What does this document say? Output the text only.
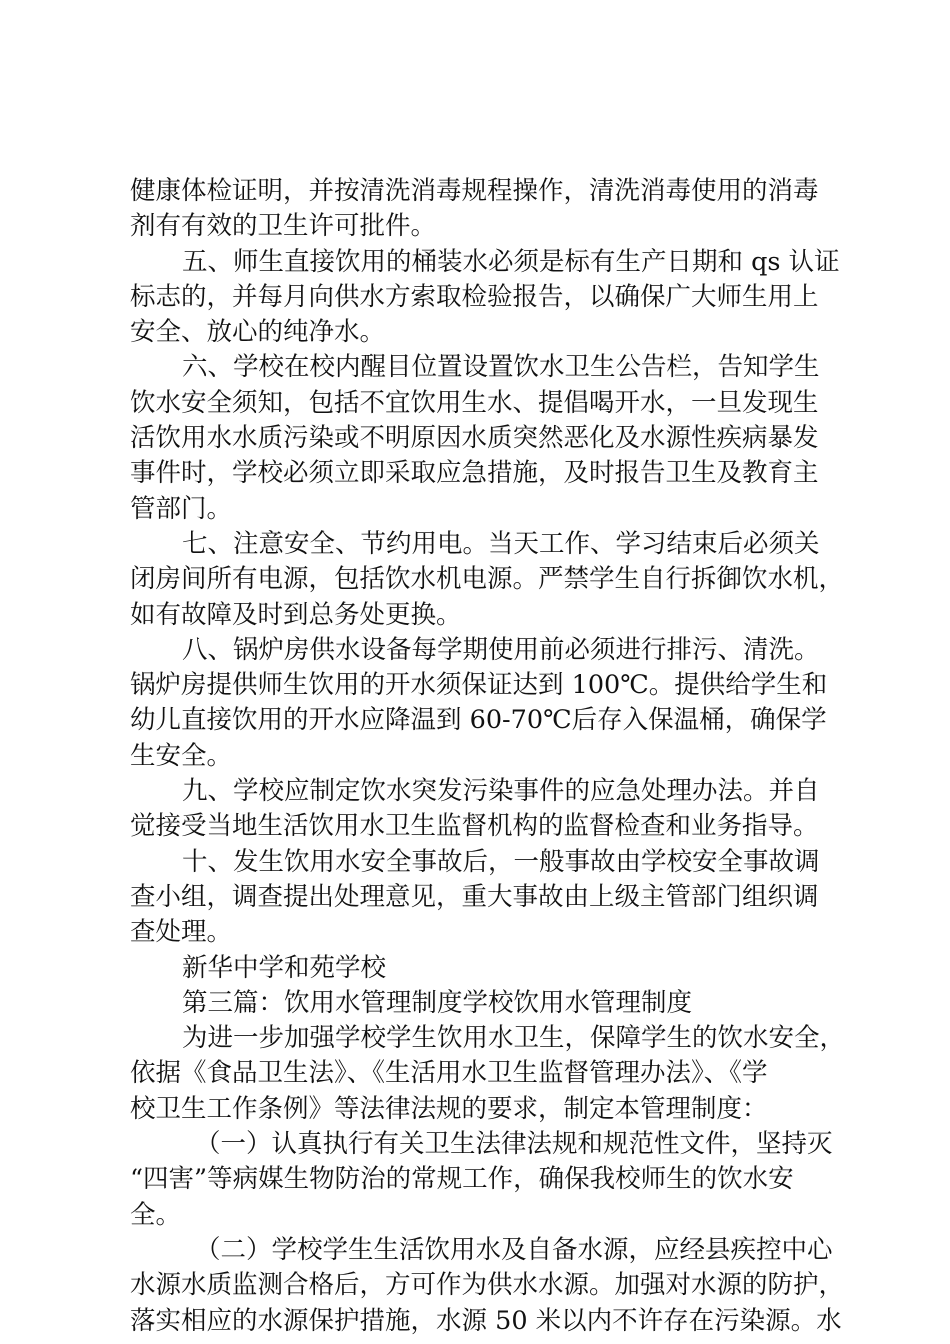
健康体检证明，并按清洗消毒规程操作，清洗消毒使用的消毒
剂有有效的卫生许可批件。
五、师生直接饮用的桶装水必须是标有生产日期和 qs 认证
标志的，并每月向供水方索取检验报告，以确保广大师生用上
安全、放心的纯净水。
六、学校在校内醒目位置设置饮水卫生公告栏，告知学生
饮水安全须知，包括不宜饮用生水、提倡喝开水，一旦发现生
活饮用水水质污染或不明原因水质突然恶化及水源性疾病暴发
事件时，学校必须立即采取应急措施，及时报告卫生及教育主
管部门。
七、注意安全、节约用电。当天工作、学习结束后必须关
闭房间所有电源，包括饮水机电源。严禁学生自行拆御饮水机，
如有故障及时到总务处更换。
八、锅炉房供水设备每学期使用前必须进行排污、清洗。
锅炉房提供师生饮用的开水须保证达到 100℃。提供给学生和
幼儿直接饮用的开水应降温到 60-70℃后存入保温桶，确保学
生安全。
九、学校应制定饮水突发污染事件的应急处理办法。并自
觉接受当地生活饮用水卫生监督机构的监督检查和业务指导。
十、发生饮用水安全事故后，一般事故由学校安全事故调
查小组，调查提出处理意见，重大事故由上级主管部门组织调
查处理。
新华中学和苑学校
第三篇：饮用水管理制度学校饮用水管理制度
为进一步加强学校学生饮用水卫生，保障学生的饮水安全，
依据《食品卫生法》、《生活用水卫生监督管理办法》、《学
校卫生工作条例》等法律法规的要求，制定本管理制度：
（一）认真执行有关卫生法律法规和规范性文件，坚持灭
“四害”等病媒生物防治的常规工作，确保我校师生的饮水安
全。
（二）学校学生生活饮用水及自备水源，应经县疾控中心
水源水质监测合格后，方可作为供水水源。加强对水源的防护，
落实相应的水源保护措施，水源 50 米以内不许存在污染源。水
